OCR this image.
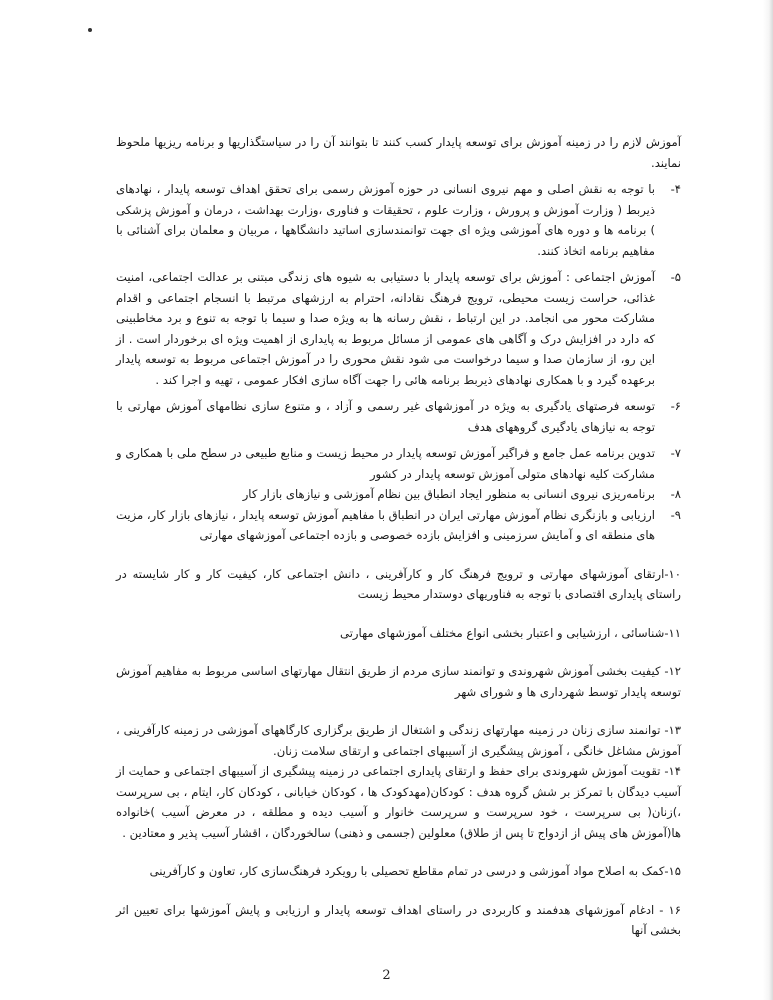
آموزش لازم را در زمینه آموزش برای توسعه پایدار کسب کنند تا بتوانند آن را در سیاستگذاریها و برنامه ریزیها ملحوظ نمایند.

۴-
با توجه به نقش اصلی و مهم نیروی انسانی در حوزه آموزش رسمی برای تحقق اهداف توسعه پایدار ، نهادهای ذیربط ( وزارت آموزش و پرورش ، وزارت علوم ، تحقیقات و فناوری ،وزارت بهداشت ، درمان و آموزش پزشکی ) برنامه ها و دوره های آموزشی ویژه ای جهت توانمندسازی اساتید دانشگاهها ، مربیان و معلمان برای آشنائی با مفاهیم برنامه اتخاذ کنند.

۵-
آموزش اجتماعی : آموزش برای توسعه پایدار با دستیابی به شیوه های زندگی مبتنی بر عدالت اجتماعی، امنیت غذائی، حراست زیست محیطی، ترویج فرهنگ نقادانه، احترام به ارزشهای مرتبط با انسجام اجتماعی و اقدام مشارکت محور می انجامد. در این ارتباط ، نقش رسانه ها به ویژه صدا و سیما با توجه به تنوع و برد مخاطبینی که دارد در افزایش درک و آگاهی های عمومی از مسائل مربوط به پایداری از اهمیت ویژه ای برخوردار است . از این رو، از سازمان صدا و سیما درخواست می شود نقش محوری را در آموزش اجتماعی مربوط به توسعه پایدار برعهده گیرد و با همکاری نهادهای ذیربط برنامه هائی را جهت آگاه سازی افکار عمومی ، تهیه و اجرا کند .

۶-
توسعه فرصتهای یادگیری به ویژه در آموزشهای غیر رسمی و آزاد ، و متنوع سازی نظامهای آموزش مهارتی با توجه به نیازهای یادگیری گروههای هدف

۷-
تدوین برنامه عمل جامع و فراگیر آموزش توسعه پایدار در محیط زیست و منابع طبیعی در سطح ملی با همکاری و مشارکت کلیه نهادهای متولی آموزش توسعه پایدار در کشور

۸-
برنامه‌ریزی نیروی انسانی به منظور ایجاد انطباق بین نظام آموزشی و نیازهای بازار کار

۹-
ارزیابی و بازنگری نظام آموزش مهارتی ایران در انطباق با مفاهیم آموزش توسعه پایدار ، نیازهای بازار کار، مزیت های منطقه ای و آمایش سرزمینی و افزایش بازده خصوصی و بازده اجتماعی آموزشهای مهارتی

۱۰-ارتقای آموزشهای مهارتی و ترویج فرهنگ کار و کارآفرینی ، دانش اجتماعی کار، کیفیت کار و کار شایسته در راستای پایداری اقتصادی با توجه به فناوریهای دوستدار محیط زیست

۱۱-شناسائی ، ارزشیابی و اعتبار بخشی انواع مختلف آموزشهای مهارتی

۱۲- کیفیت بخشی آموزش شهروندی و توانمند سازی مردم از طریق انتقال مهارتهای اساسی مربوط به مفاهیم آموزش توسعه پایدار توسط شهرداری ها و شورای شهر

۱۳- توانمند سازی زنان در زمینه مهارتهای زندگی و اشتغال از طریق برگزاری کارگاههای آموزشی در زمینه کارآفرینی ، آموزش مشاغل خانگی ، آموزش پیشگیری از آسیبهای اجتماعی و ارتقای سلامت زنان.

۱۴- تقویت آموزش شهروندی برای حفظ و ارتقای پایداری اجتماعی در زمینه پیشگیری از آسیبهای اجتماعی و حمایت از آسیب دیدگان با تمرکز بر شش گروه هدف : کودکان(مهدکودک ها ، کودکان خیابانی ، کودکان کار، ایتام ، بی سرپرست ،)زنان( بی سرپرست ، خود سرپرست و سرپرست خانوار و آسیب دیده و مطلقه ، در معرض آسیب )خانواده ها(آموزش های پیش از ازدواج تا پس از طلاق) معلولین (جسمی و ذهنی) سالخوردگان ، اقشار آسیب پذیر و معتادین .

۱۵-کمک به اصلاح مواد آموزشی و درسی در تمام مقاطع تحصیلی با رویکرد فرهنگ‌سازی کار، تعاون و کارآفرینی

۱۶ - ادغام آموزشهای هدفمند و کاربردی در راستای اهداف توسعه پایدار و ارزیابی و پایش آموزشها برای تعیین اثر بخشی آنها

2
